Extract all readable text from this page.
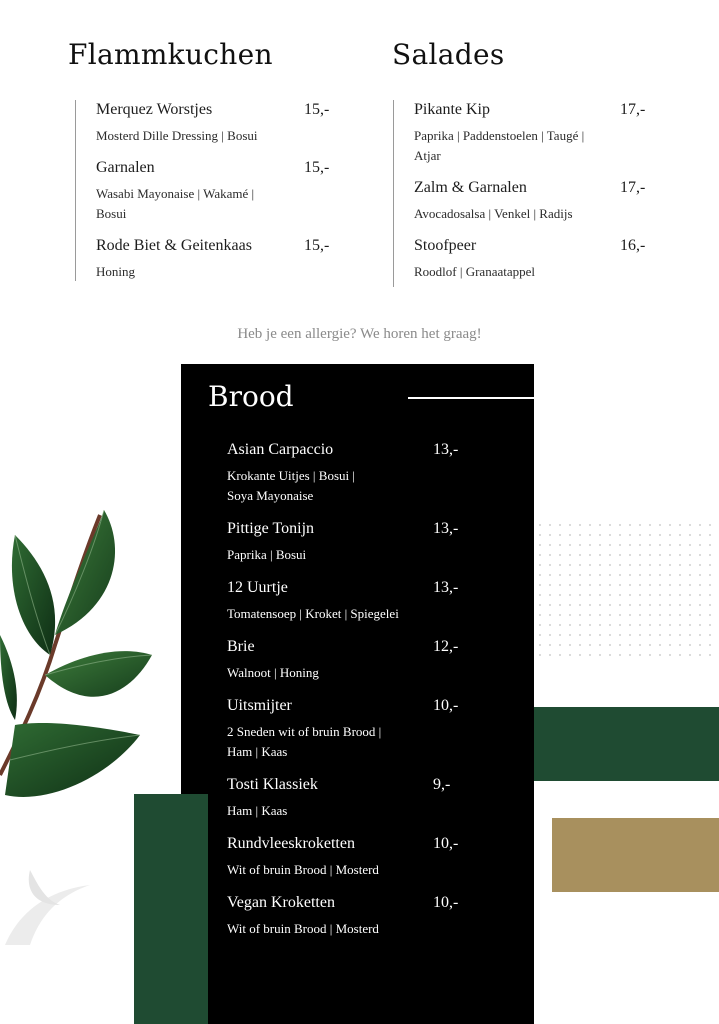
Flammkuchen	Salades
Merquez Worstjes	15,-
Mosterd Dille Dressing | Bosui
Garnalen	15,-
Wasabi Mayonaise | Wakamé |
Bosui
Rode Biet & Geitenkaas	15,-
Honing
Pikante Kip	17,-
Paprika | Paddenstoelen | Taugé |
Atjar
Zalm & Garnalen	17,-
Avocadosalsa | Venkel | Radijs
Stoofpeer	16,-
Roodlof | Granaatappel
Heb je een allergie? We horen het graag!
Brood
Asian Carpaccio	13,-
Krokante Uitjes | Bosui |
Soya Mayonaise
Pittige Tonijn	13,-
Paprika | Bosui
12 Uurtje	13,-
Tomatensoep | Kroket | Spiegelei
Brie	12,-
Walnoot | Honing
Uitsmijter	10,-
2 Sneden wit of bruin Brood |
Ham | Kaas
Tosti Klassiek	9,-
Ham | Kaas
Rundvleeskroketten	10,-
Wit of bruin Brood | Mosterd
Vegan Kroketten	10,-
Wit of bruin Brood | Mosterd
